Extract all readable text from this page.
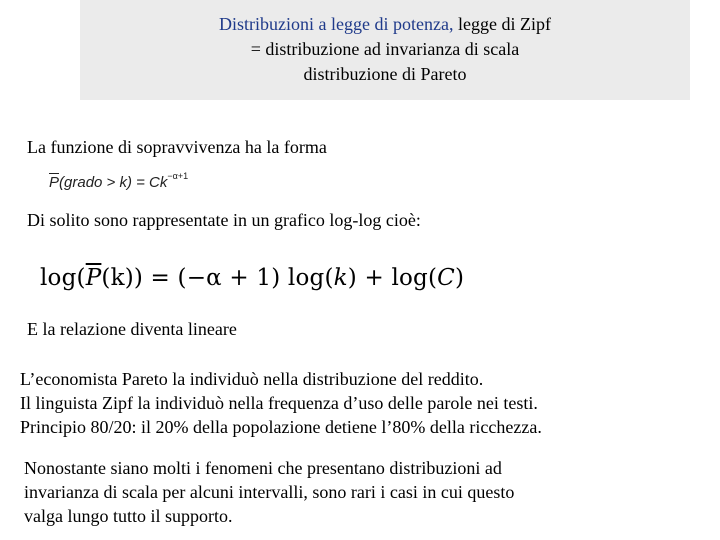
Distribuzioni a legge di potenza, legge di Zipf
= distribuzione ad invarianza di scala
distribuzione di Pareto
La funzione di sopravvivenza ha la forma
$\overline{P}(grado > k) = Ck^{-\alpha+1}$
Di solito sono rappresentate in un grafico log-log cioè:
$\log(\overline{P}(k)) = (-\alpha + 1) \log(k) + \log(C)$
E la relazione diventa lineare
L’economista Pareto la individuò nella distribuzione del reddito.
Il linguista Zipf la individuò nella frequenza d’uso delle parole nei testi.
Principio 80/20: il 20% della popolazione detiene l’80% della ricchezza.
Nonostante siano molti i fenomeni che presentano distribuzioni ad
invarianza di scala per alcuni intervalli, sono rari i casi in cui questo
valga lungo tutto il supporto.
